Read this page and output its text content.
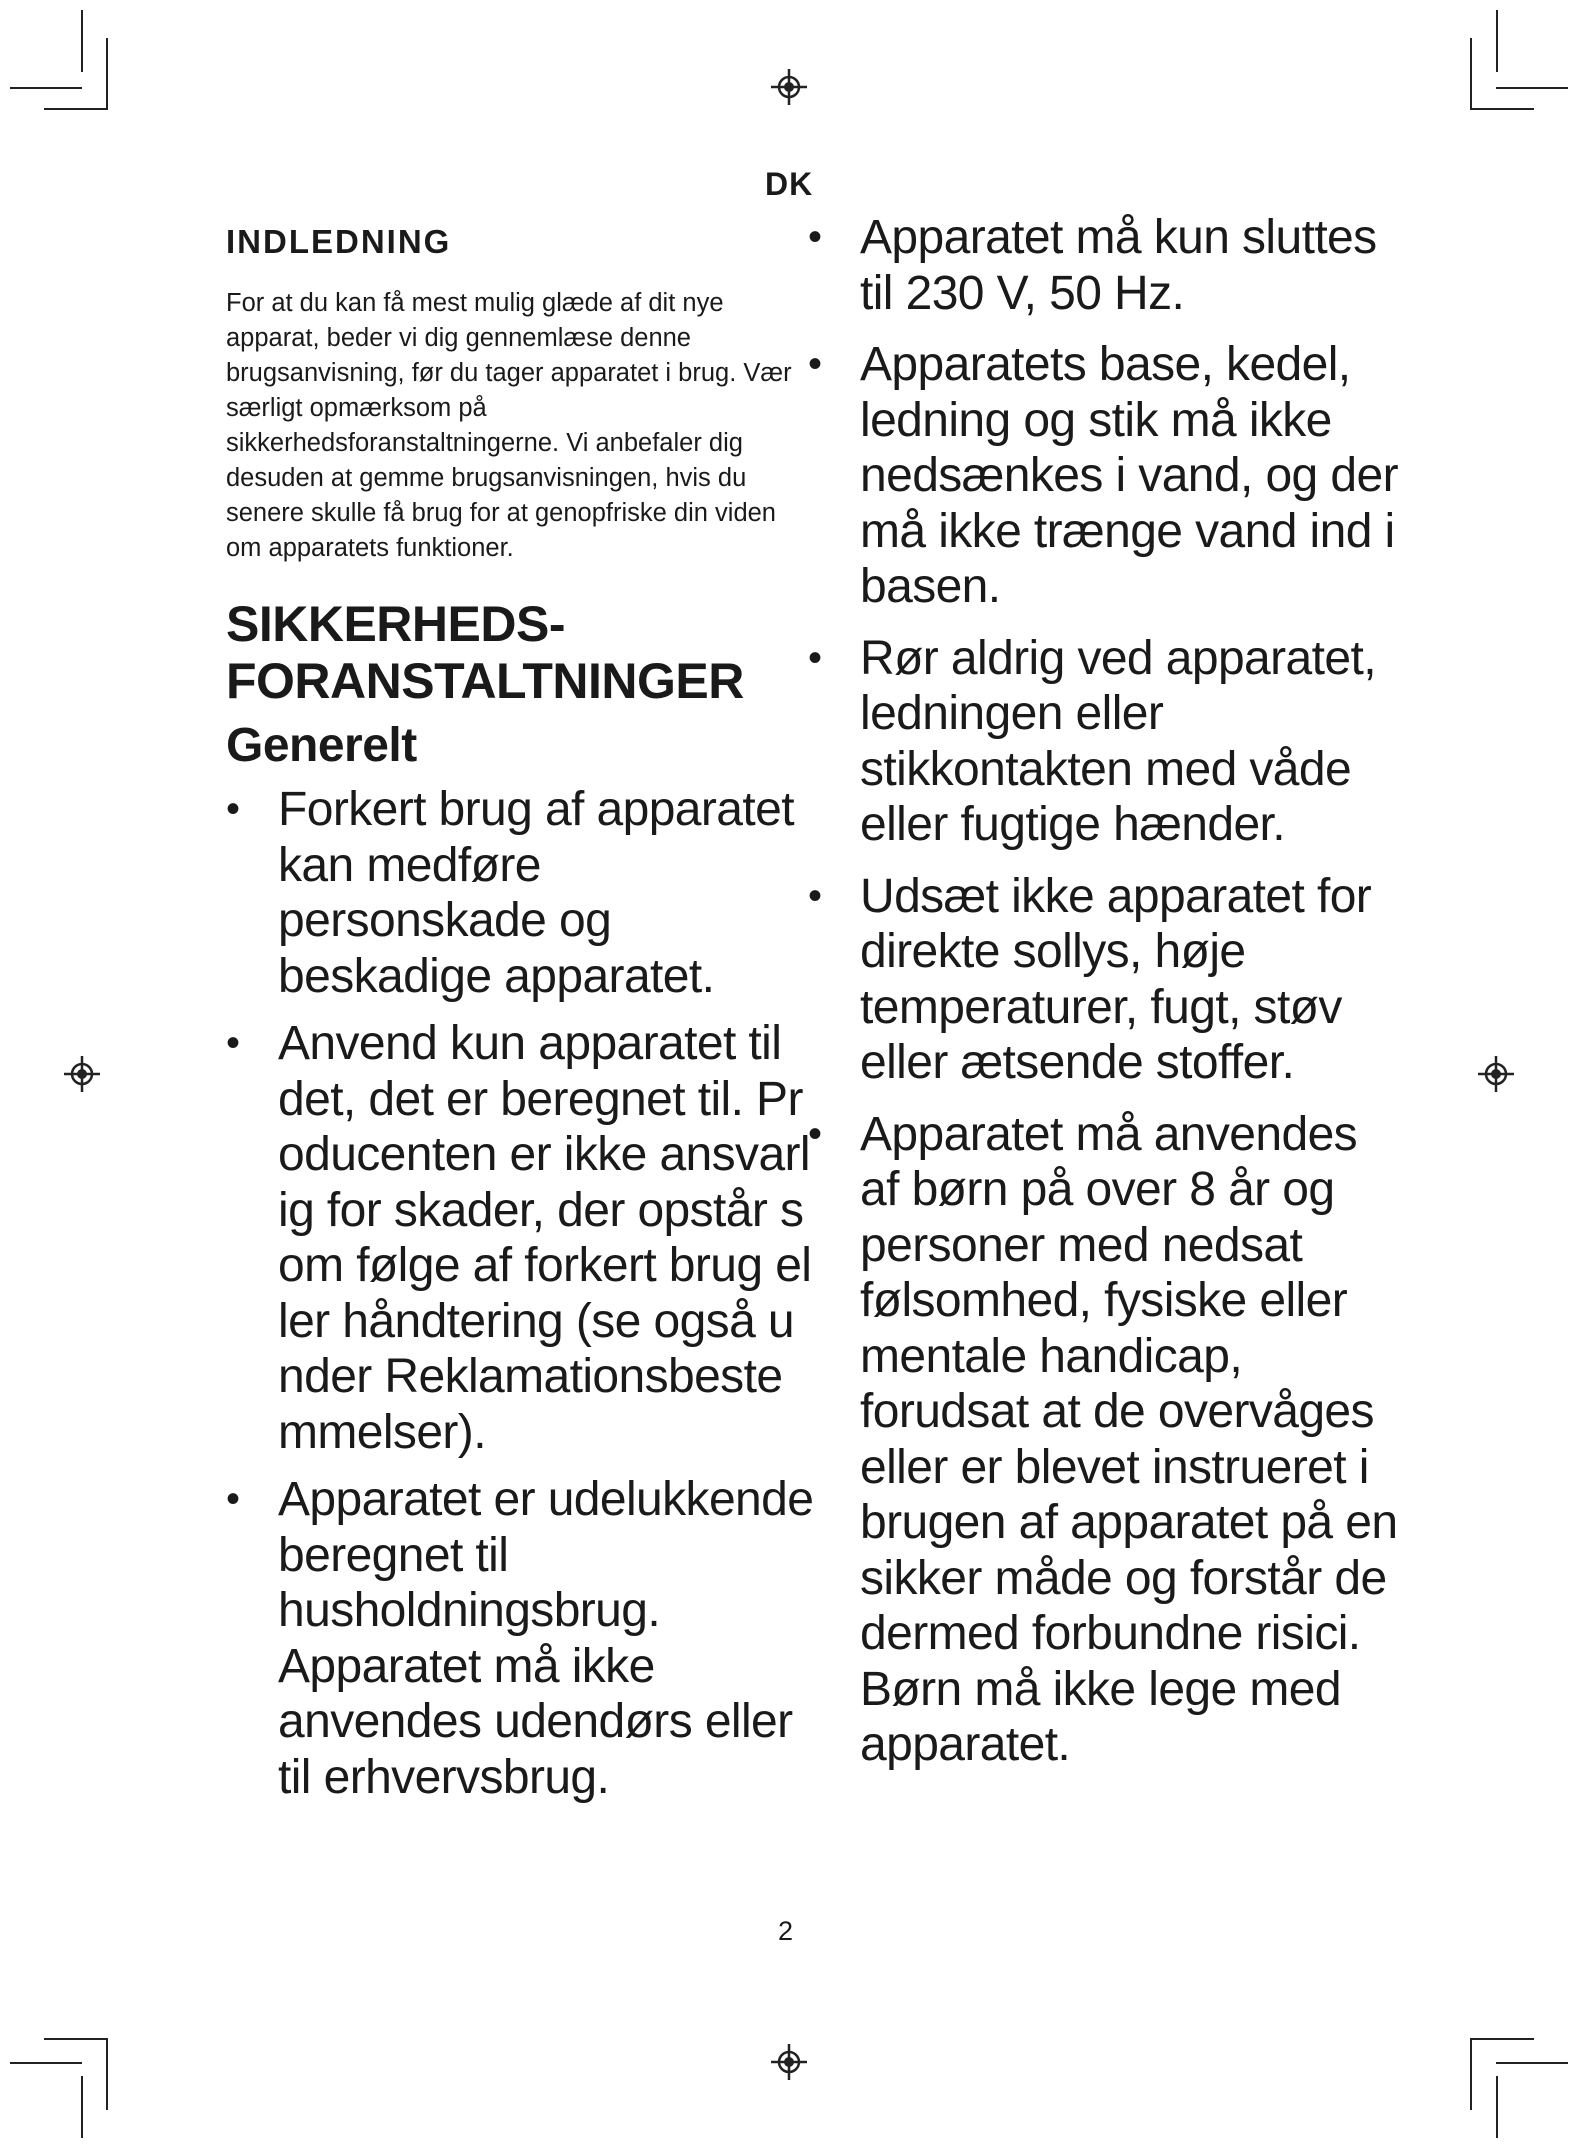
DK
INDLEDNING

For at du kan få mest mulig glæde af dit nye apparat, beder vi dig gennemlæse denne brugsanvisning, før du tager apparatet i brug. Vær særligt opmærksom på sikkerhedsforanstaltningerne. Vi anbefaler dig desuden at gemme brugsanvisningen, hvis du senere skulle få brug for at genopfriske din viden om apparatets funktioner.

SIKKERHEDS-FORANSTALTNINGER
Generelt
• Forkert brug af apparatet kan medføre personskade og beskadige apparatet.
• Anvend kun apparatet til det, det er beregnet til. Producenten er ikke ansvarlig for skader, der opstår som følge af forkert brug eller håndtering (se også under Reklamationsbestemmelser).
• Apparatet er udelukkende beregnet til husholdningsbrug. Apparatet må ikke anvendes udendørs eller til erhvervsbrug.
• Apparatet må kun sluttes til 230 V, 50 Hz.
• Apparatets base, kedel, ledning og stik må ikke nedsænkes i vand, og der må ikke trænge vand ind i basen.
• Rør aldrig ved apparatet, ledningen eller stikkontakten med våde eller fugtige hænder.
• Udsæt ikke apparatet for direkte sollys, høje temperaturer, fugt, støv eller ætsende stoffer.
• Apparatet må anvendes af børn på over 8 år og personer med nedsat følsomhed, fysiske eller mentale handicap, forudsat at de overvåges eller er blevet instrueret i brugen af apparatet på en sikker måde og forstår de dermed forbundne risici. Børn må ikke lege med apparatet.
2
